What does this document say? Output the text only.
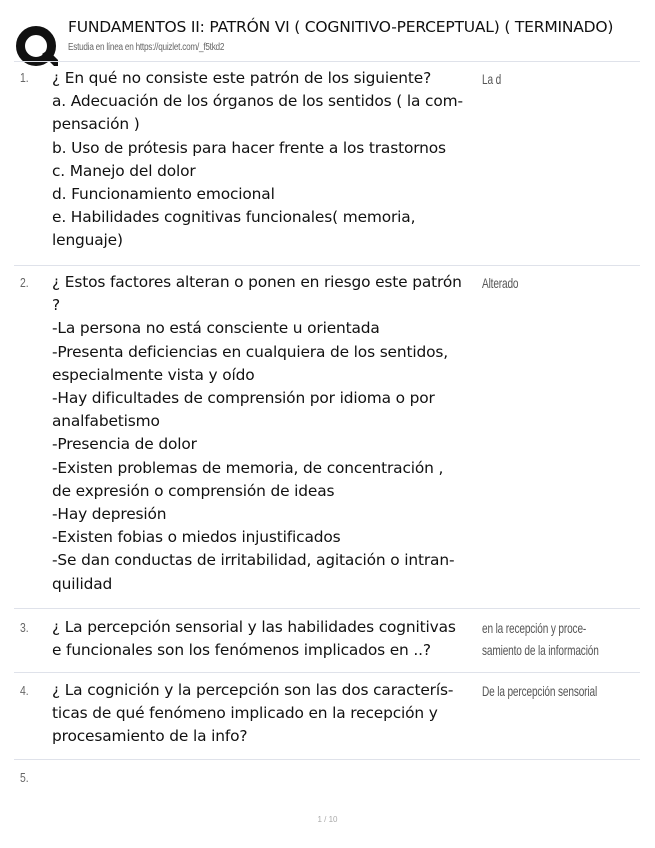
FUNDAMENTOS II: PATRÓN VI ( COGNITIVO-PERCEPTUAL) ( TERMINADO)
Estudia en línea en https://quizlet.com/_f5tkd2
1. ¿ En qué no consiste este patrón de los siguiente?
a. Adecuación de los órganos de los sentidos ( la com-
pensación )
b. Uso de prótesis para hacer frente a los trastornos
c. Manejo del dolor
d. Funcionamiento emocional
e. Habilidades cognitivas funcionales( memoria,
lenguaje)
La d
2. ¿ Estos factores alteran o ponen en riesgo este patrón
?
-La persona no está consciente u orientada
-Presenta deficiencias en cualquiera de los sentidos,
especialmente vista y oído
-Hay dificultades de comprensión por idioma o por
analfabetismo
-Presencia de dolor
-Existen problemas de memoria, de concentración ,
de expresión o comprensión de ideas
-Hay depresión
-Existen fobias o miedos injustificados
-Se dan conductas de irritabilidad, agitación o intran-
quilidad
Alterado
3. ¿ La percepción sensorial y las habilidades cognitivas
e funcionales son los fenómenos implicados en ..?
en la recepción y proce-
samiento de la información
4. ¿ La cognición y la percepción son las dos caracterís-
ticas de qué fenómeno implicado en la recepción y
procesamiento de la info?
De la percepción sensorial
5.
1 / 10
